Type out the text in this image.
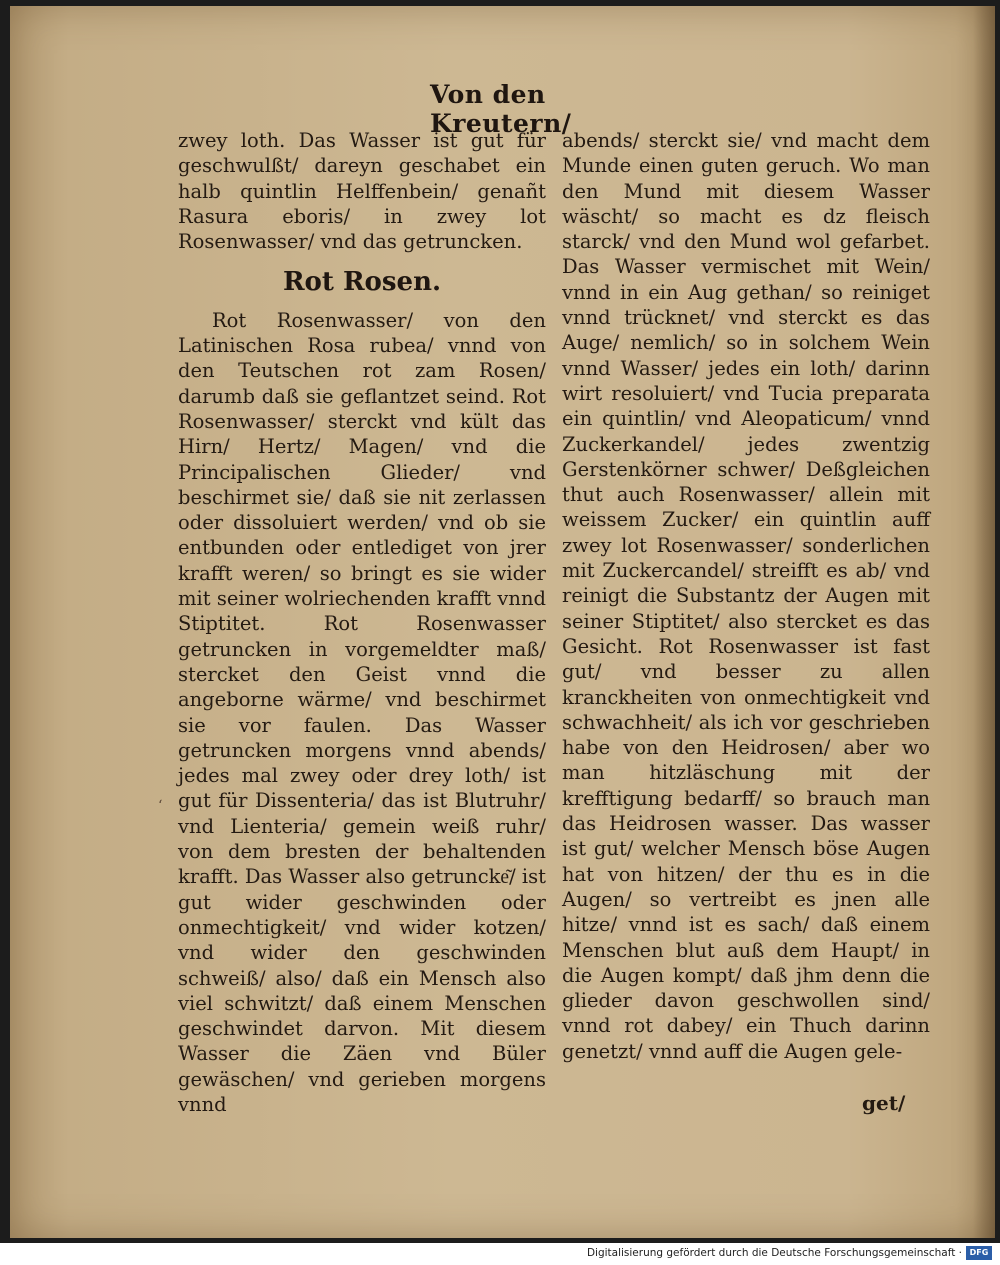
Von den Kreutern/

zwey loth. Das Wasser ist gut für geschwulßt/ dareyn geschabet ein halb quintlin Helffenbein/ genañt Rasura eboris/ in zwey lot Rosenwasser/ vnd das getruncken.

Rot Rosen.

Rot Rosenwasser/ von den Latinischen Rosa rubea/ vnnd von den Teutschen rot zam Rosen/ darumb daß sie geflantzet seind. Rot Rosenwasser/ sterckt vnd kült das Hirn/ Hertz/ Magen/ vnd die Principalischen Glieder/ vnd beschirmet sie/ daß sie nit zerlassen oder dissoluiert werden/ vnd ob sie entbunden oder entlediget von jrer krafft weren/ so bringt es sie wider mit seiner wolriechenden krafft vnnd Stiptitet. Rot Rosenwasser getruncken in vorgemeldter maß/ stercket den Geist vnnd die angeborne wärme/ vnd beschirmet sie vor faulen. Das Wasser getruncken morgens vnnd abends/ jedes mal zwey oder drey loth/ ist gut für Dissenteria/ das ist Blutruhr/ vnd Lienteria/ gemein weiß ruhr/ von dem bresten der behaltenden krafft. Das Wasser also getruncke͂/ ist gut wider geschwinden oder onmechtigkeit/ vnd wider kotzen/ vnd wider den geschwinden schweiß/ also/ daß ein Mensch also viel schwitzt/ daß einem Menschen geschwindet darvon. Mit diesem Wasser die Zäen vnd Büler gewäschen/ vnd gerieben morgens vnnd

abends/ sterckt sie/ vnd macht dem Munde einen guten geruch. Wo man den Mund mit diesem Wasser wäscht/ so macht es dz fleisch starck/ vnd den Mund wol gefarbet. Das Wasser vermischet mit Wein/ vnnd in ein Aug gethan/ so reiniget vnnd trücknet/ vnd sterckt es das Auge/ nemlich/ so in solchem Wein vnnd Wasser/ jedes ein loth/ darinn wirt resoluiert/ vnd Tucia preparata ein quintlin/ vnd Aleopaticum/ vnnd Zuckerkandel/ jedes zwentzig Gerstenkörner schwer/ Deßgleichen thut auch Rosenwasser/ allein mit weissem Zucker/ ein quintlin auff zwey lot Rosenwasser/ sonderlichen mit Zuckercandel/ streifft es ab/ vnd reinigt die Substantz der Augen mit seiner Stiptitet/ also stercket es das Gesicht. Rot Rosenwasser ist fast gut/ vnd besser zu allen kranckheiten von onmechtigkeit vnd schwachheit/ als ich vor geschrieben habe von den Heidrosen/ aber wo man hitzläschung mit der krefftigung bedarff/ so brauch man das Heidrosen wasser. Das wasser ist gut/ welcher Mensch böse Augen hat von hitzen/ der thu es in die Augen/ so vertreibt es jnen alle hitze/ vnnd ist es sach/ daß einem Menschen blut auß dem Haupt/ in die Augen kompt/ daß jhm denn die glieder davon geschwollen sind/ vnnd rot dabey/ ein Thuch darinn genetzt/ vnnd auff die Augen gele-

‘
get/
Digitalisierung gefördert durch die Deutsche Forschungsgemeinschaft · DFG
